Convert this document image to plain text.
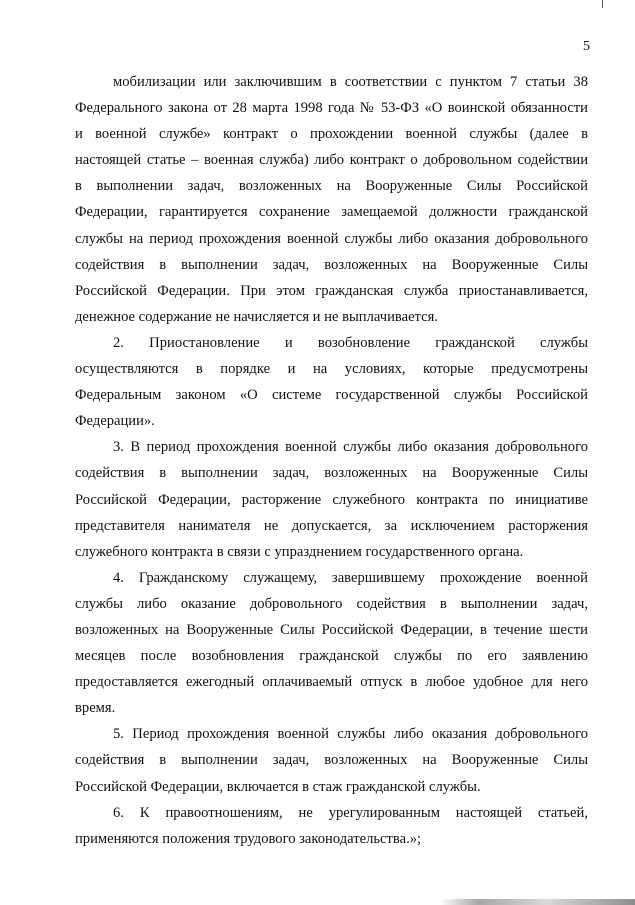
5
мобилизации или заключившим в соответствии с пунктом 7 статьи 38
Федерального закона от 28 марта 1998 года № 53-ФЗ «О воинской обязанности
и военной службе» контракт о прохождении военной службы (далее в
настоящей статье – военная служба) либо контракт о добровольном содействии
в выполнении задач, возложенных на Вооруженные Силы Российской
Федерации, гарантируется сохранение замещаемой должности гражданской
службы на период прохождения военной службы либо оказания добровольного
содействия в выполнении задач, возложенных на Вооруженные Силы
Российской Федерации. При этом гражданская служба приостанавливается,
денежное содержание не начисляется и не выплачивается.
2. Приостановление и возобновление гражданской службы
осуществляются в порядке и на условиях, которые предусмотрены
Федеральным законом «О системе государственной службы Российской
Федерации».
3. В период прохождения военной службы либо оказания добровольного
содействия в выполнении задач, возложенных на Вооруженные Силы
Российской Федерации, расторжение служебного контракта по инициативе
представителя нанимателя не допускается, за исключением расторжения
служебного контракта в связи с упразднением государственного органа.
4. Гражданскому служащему, завершившему прохождение военной
службы либо оказание добровольного содействия в выполнении задач,
возложенных на Вооруженные Силы Российской Федерации, в течение шести
месяцев после возобновления гражданской службы по его заявлению
предоставляется ежегодный оплачиваемый отпуск в любое удобное для него
время.
5. Период прохождения военной службы либо оказания добровольного
содействия в выполнении задач, возложенных на Вооруженные Силы
Российской Федерации, включается в стаж гражданской службы.
6. К правоотношениям, не урегулированным настоящей статьей,
применяются положения трудового законодательства.»;
